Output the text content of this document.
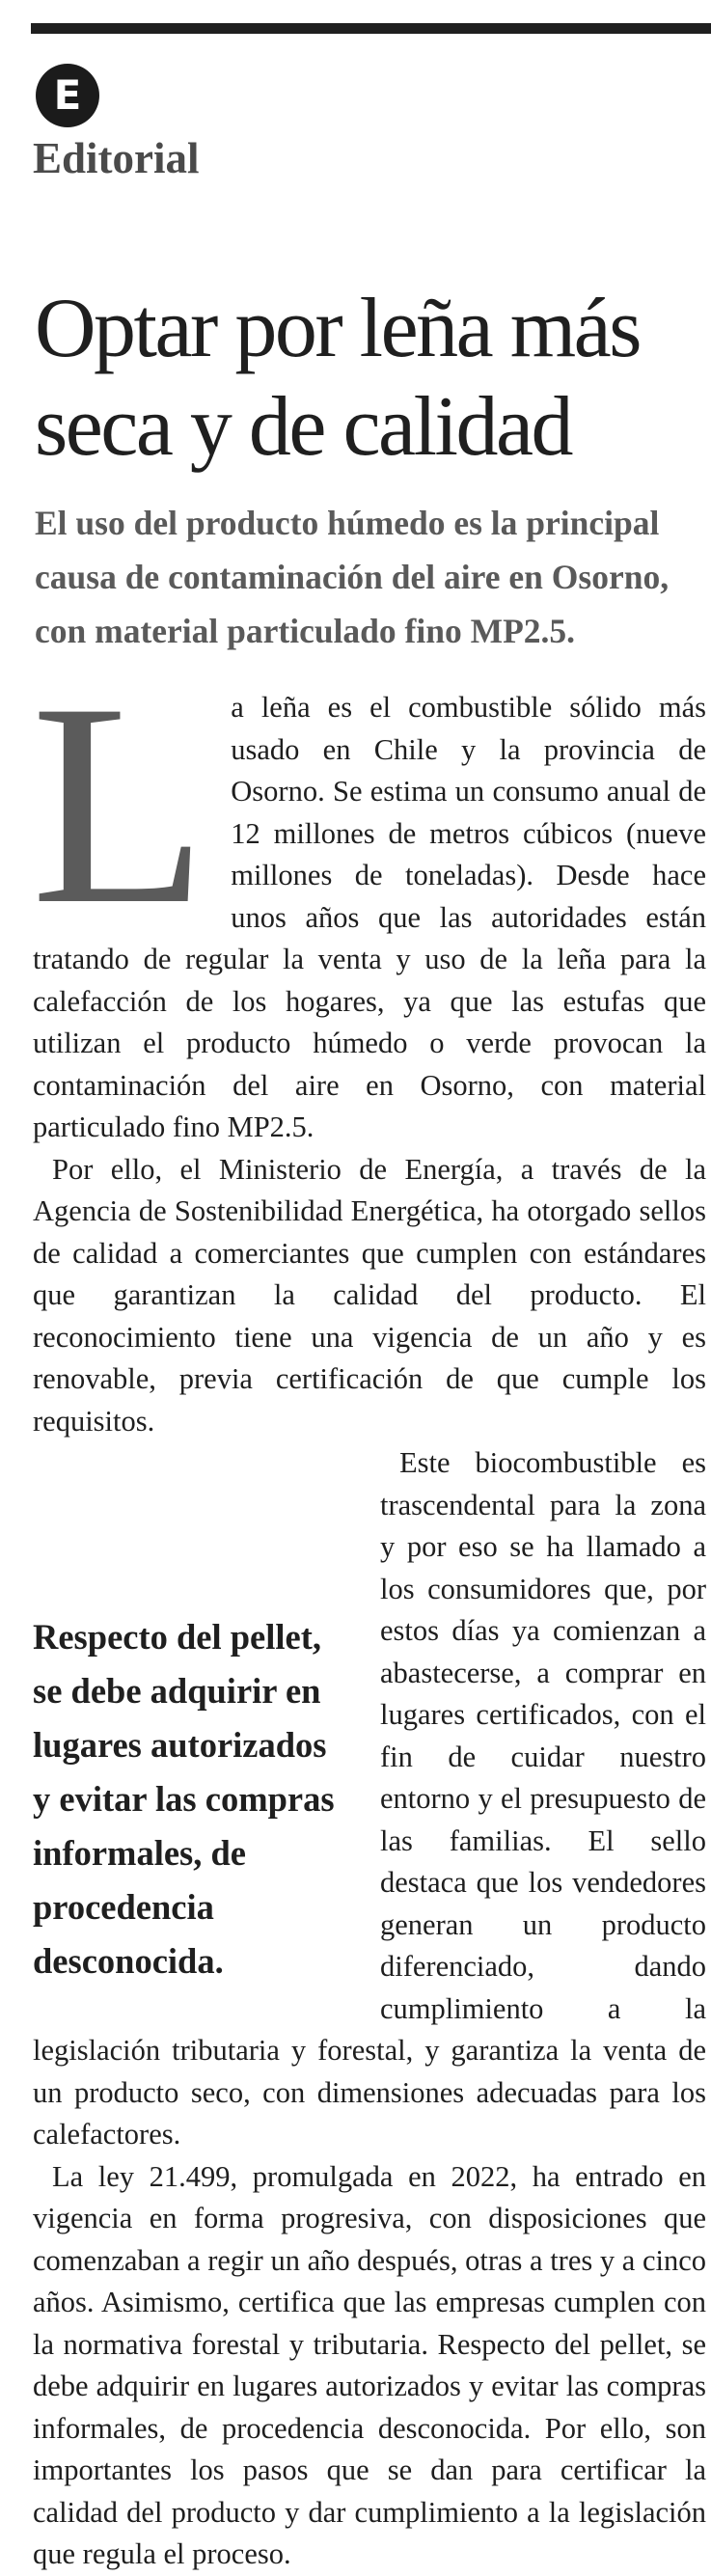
E
Editorial
Optar por leña más seca y de calidad
El uso del producto húmedo es la principal causa de contaminación del aire en Osorno, con material particulado fino MP2.5.

La leña es el combustible sólido más usado en Chile y la provincia de Osorno. Se estima un consumo anual de 12 millones de metros cúbicos (nueve millones de toneladas). Desde hace unos años que las autoridades están tratando de regular la venta y uso de la leña para la calefacción de los hogares, ya que las estufas que utilizan el producto húmedo o verde provocan la contaminación del aire en Osorno, con material particulado fino MP2.5.

Por ello, el Ministerio de Energía, a través de la Agencia de Sostenibilidad Energética, ha otorgado sellos de calidad a comerciantes que cumplen con estándares que garantizan la calidad del producto. El reconocimiento tiene una vigencia de un año y es renovable, previa certificación de que cumple los requisitos.

Respecto del pellet, se debe adquirir en lugares autorizados y evitar las compras informales, de procedencia desconocida.
Este biocombustible es trascendental para la zona y por eso se ha llamado a los consumidores que, por estos días ya comienzan a abastecerse, a comprar en lugares certificados, con el fin de cuidar nuestro entorno y el presupuesto de las familias. El sello destaca que los vendedores generan un producto diferenciado, dando cumplimiento a la legislación tributaria y forestal, y garantiza la venta de un producto seco, con dimensiones adecuadas para los calefactores.

La ley 21.499, promulgada en 2022, ha entrado en vigencia en forma progresiva, con disposiciones que comenzaban a regir un año después, otras a tres y a cinco años. Asimismo, certifica que las empresas cumplen con la normativa forestal y tributaria. Respecto del pellet, se debe adquirir en lugares autorizados y evitar las compras informales, de procedencia desconocida. Por ello, son importantes los pasos que se dan para certificar la calidad del producto y dar cumplimiento a la legislación que regula el proceso.
